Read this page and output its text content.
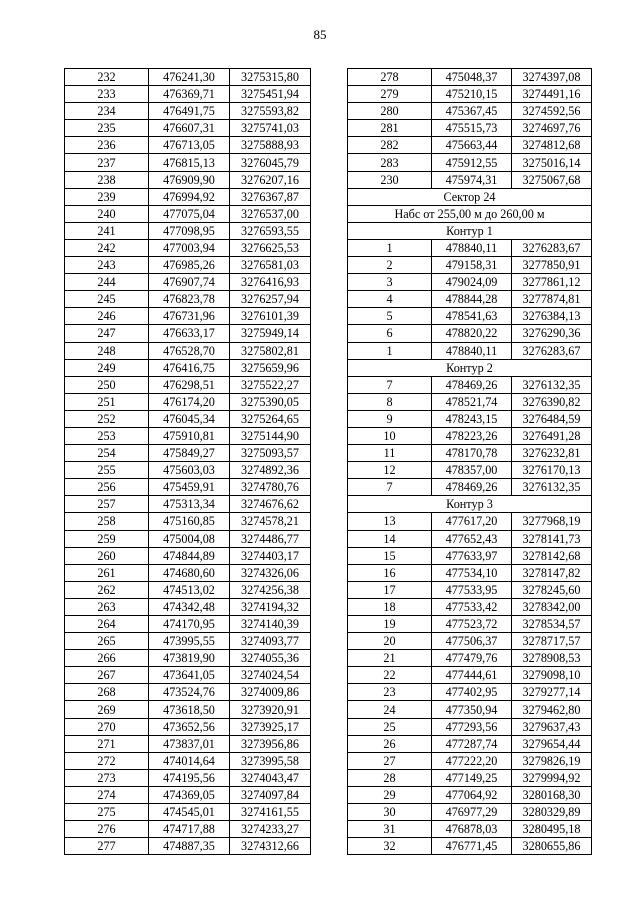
85
232	476241,30	3275315,80
233	476369,71	3275451,94
234	476491,75	3275593,82
235	476607,31	3275741,03
236	476713,05	3275888,93
237	476815,13	3276045,79
238	476909,90	3276207,16
239	476994,92	3276367,87
240	477075,04	3276537,00
241	477098,95	3276593,55
242	477003,94	3276625,53
243	476985,26	3276581,03
244	476907,74	3276416,93
245	476823,78	3276257,94
246	476731,96	3276101,39
247	476633,17	3275949,14
248	476528,70	3275802,81
249	476416,75	3275659,96
250	476298,51	3275522,27
251	476174,20	3275390,05
252	476045,34	3275264,65
253	475910,81	3275144,90
254	475849,27	3275093,57
255	475603,03	3274892,36
256	475459,91	3274780,76
257	475313,34	3274676,62
258	475160,85	3274578,21
259	475004,08	3274486,77
260	474844,89	3274403,17
261	474680,60	3274326,06
262	474513,02	3274256,38
263	474342,48	3274194,32
264	474170,95	3274140,39
265	473995,55	3274093,77
266	473819,90	3274055,36
267	473641,05	3274024,54
268	473524,76	3274009,86
269	473618,50	3273920,91
270	473652,56	3273925,17
271	473837,01	3273956,86
272	474014,64	3273995,58
273	474195,56	3274043,47
274	474369,05	3274097,84
275	474545,01	3274161,55
276	474717,88	3274233,27
277	474887,35	3274312,66
278	475048,37	3274397,08
279	475210,15	3274491,16
280	475367,45	3274592,56
281	475515,73	3274697,76
282	475663,44	3274812,68
283	475912,55	3275016,14
230	475974,31	3275067,68
Сектор 24		
Набс от 255,00 м до 260,00 м		
Контур 1		
1	478840,11	3276283,67
2	479158,31	3277850,91
3	479024,09	3277861,12
4	478844,28	3277874,81
5	478541,63	3276384,13
6	478820,22	3276290,36
1	478840,11	3276283,67
Контур 2		
7	478469,26	3276132,35
8	478521,74	3276390,82
9	478243,15	3276484,59
10	478223,26	3276491,28
11	478170,78	3276232,81
12	478357,00	3276170,13
7	478469,26	3276132,35
Контур 3		
13	477617,20	3277968,19
14	477652,43	3278141,73
15	477633,97	3278142,68
16	477534,10	3278147,82
17	477533,95	3278245,60
18	477533,42	3278342,00
19	477523,72	3278534,57
20	477506,37	3278717,57
21	477479,76	3278908,53
22	477444,61	3279098,10
23	477402,95	3279277,14
24	477350,94	3279462,80
25	477293,56	3279637,43
26	477287,74	3279654,44
27	477222,20	3279826,19
28	477149,25	3279994,92
29	477064,92	3280168,30
30	476977,29	3280329,89
31	476878,03	3280495,18
32	476771,45	3280655,86
